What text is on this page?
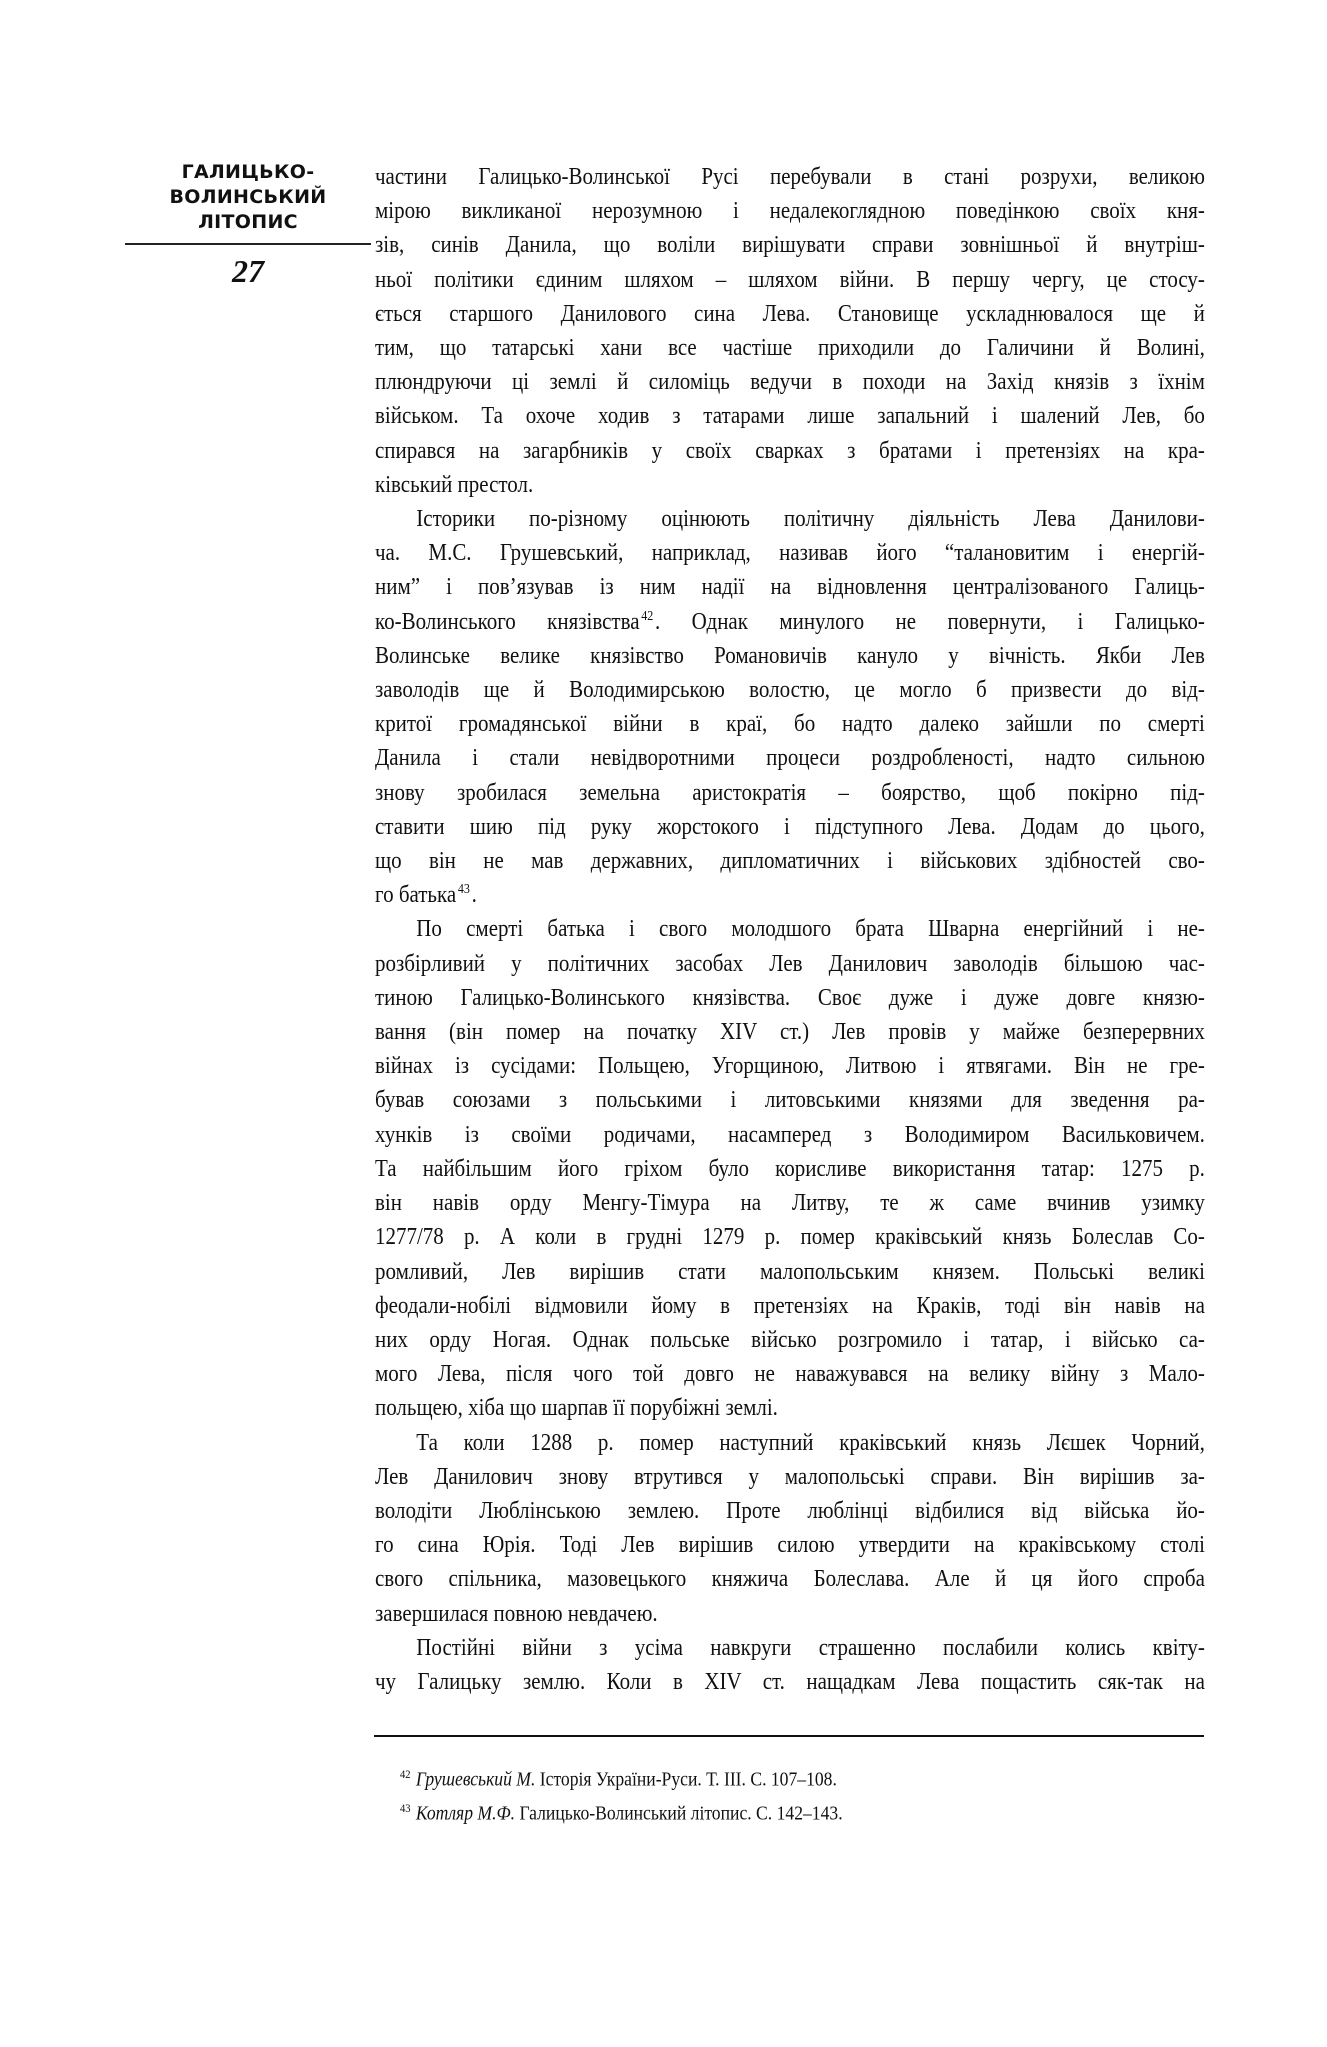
ГАЛИЦЬКО-
ВОЛИНСЬКИЙ
ЛІТОПИС
27
частини Галицько-Волинської Русі перебували в стані розрухи, великою
мірою викликаної нерозумною і недалекоглядною поведінкою своїх кня-
зів, синів Данила, що воліли вирішувати справи зовнішньої й внутріш-
ньої політики єдиним шляхом – шляхом війни. В першу чергу, це стосу-
ється старшого Данилового сина Лева. Становище ускладнювалося ще й
тим, що татарські хани все частіше приходили до Галичини й Волині,
плюндруючи ці землі й силоміць ведучи в походи на Захід князів з їхнім
військом. Та охоче ходив з татарами лише запальний і шалений Лев, бо
спирався на загарбників у своїх сварках з братами і претензіях на кра-
ківський престол.
Історики по-різному оцінюють політичну діяльність Лева Данилови-
ча. М.С. Грушевський, наприклад, називав його “талановитим і енергій-
ним” і пов’язував із ним надії на відновлення централізованого Галиць-
ко-Волинського князівства $^{42}$. Однак минулого не повернути, і Галицько-
Волинське велике князівство Романовичів кануло у вічність. Якби Лев
заволодів ще й Володимирською волостю, це могло б призвести до від-
критої громадянської війни в краї, бо надто далеко зайшли по смерті
Данила і стали невідворотними процеси роздробленості, надто сильною
знову зробилася земельна аристократія – боярство, щоб покірно під-
ставити шию під руку жорстокого і підступного Лева. Додам до цього,
що він не мав державних, дипломатичних і військових здібностей сво-
го батька $^{43}$.
По смерті батька і свого молодшого брата Шварна енергійний і не-
розбірливий у політичних засобах Лев Данилович заволодів більшою час-
тиною Галицько-Волинського князівства. Своє дуже і дуже довге князю-
вання (він помер на початку XIV ст.) Лев провів у майже безперервних
війнах із сусідами: Польщею, Угорщиною, Литвою і ятвягами. Він не гре-
бував союзами з польськими і литовськими князями для зведення ра-
хунків із своїми родичами, насамперед з Володимиром Васильковичем.
Та найбільшим його гріхом було корисливе використання татар: 1275 р.
він навів орду Менгу-Тімура на Литву, те ж саме вчинив узимку
1277/78 р. А коли в грудні 1279 р. помер краківський князь Болеслав Со-
ромливий, Лев вирішив стати малопольським князем. Польські великі
феодали-нобілі відмовили йому в претензіях на Краків, тоді він навів на
них орду Ногая. Однак польське військо розгромило і татар, і військо са-
мого Лева, після чого той довго не наважувався на велику війну з Мало-
польщею, хіба що шарпав її порубіжні землі.
Та коли 1288 р. помер наступний краківський князь Лєшек Чорний,
Лев Данилович знову втрутився у малопольські справи. Він вирішив за-
володіти Люблінською землею. Проте люблінці відбилися від війська йо-
го сина Юрія. Тоді Лев вирішив силою утвердити на краківському столі
свого спільника, мазовецького княжича Болеслава. Але й ця його спроба
завершилася повною невдачею.
Постійні війни з усіма навкруги страшенно послабили колись квіту-
чу Галицьку землю. Коли в XIV ст. нащадкам Лева пощастить сяк-так на
$^{42}$ Грушевський М. Історія України-Руси. Т. III. С. 107–108.
$^{43}$ Котляр М.Ф. Галицько-Волинський літопис. С. 142–143.
